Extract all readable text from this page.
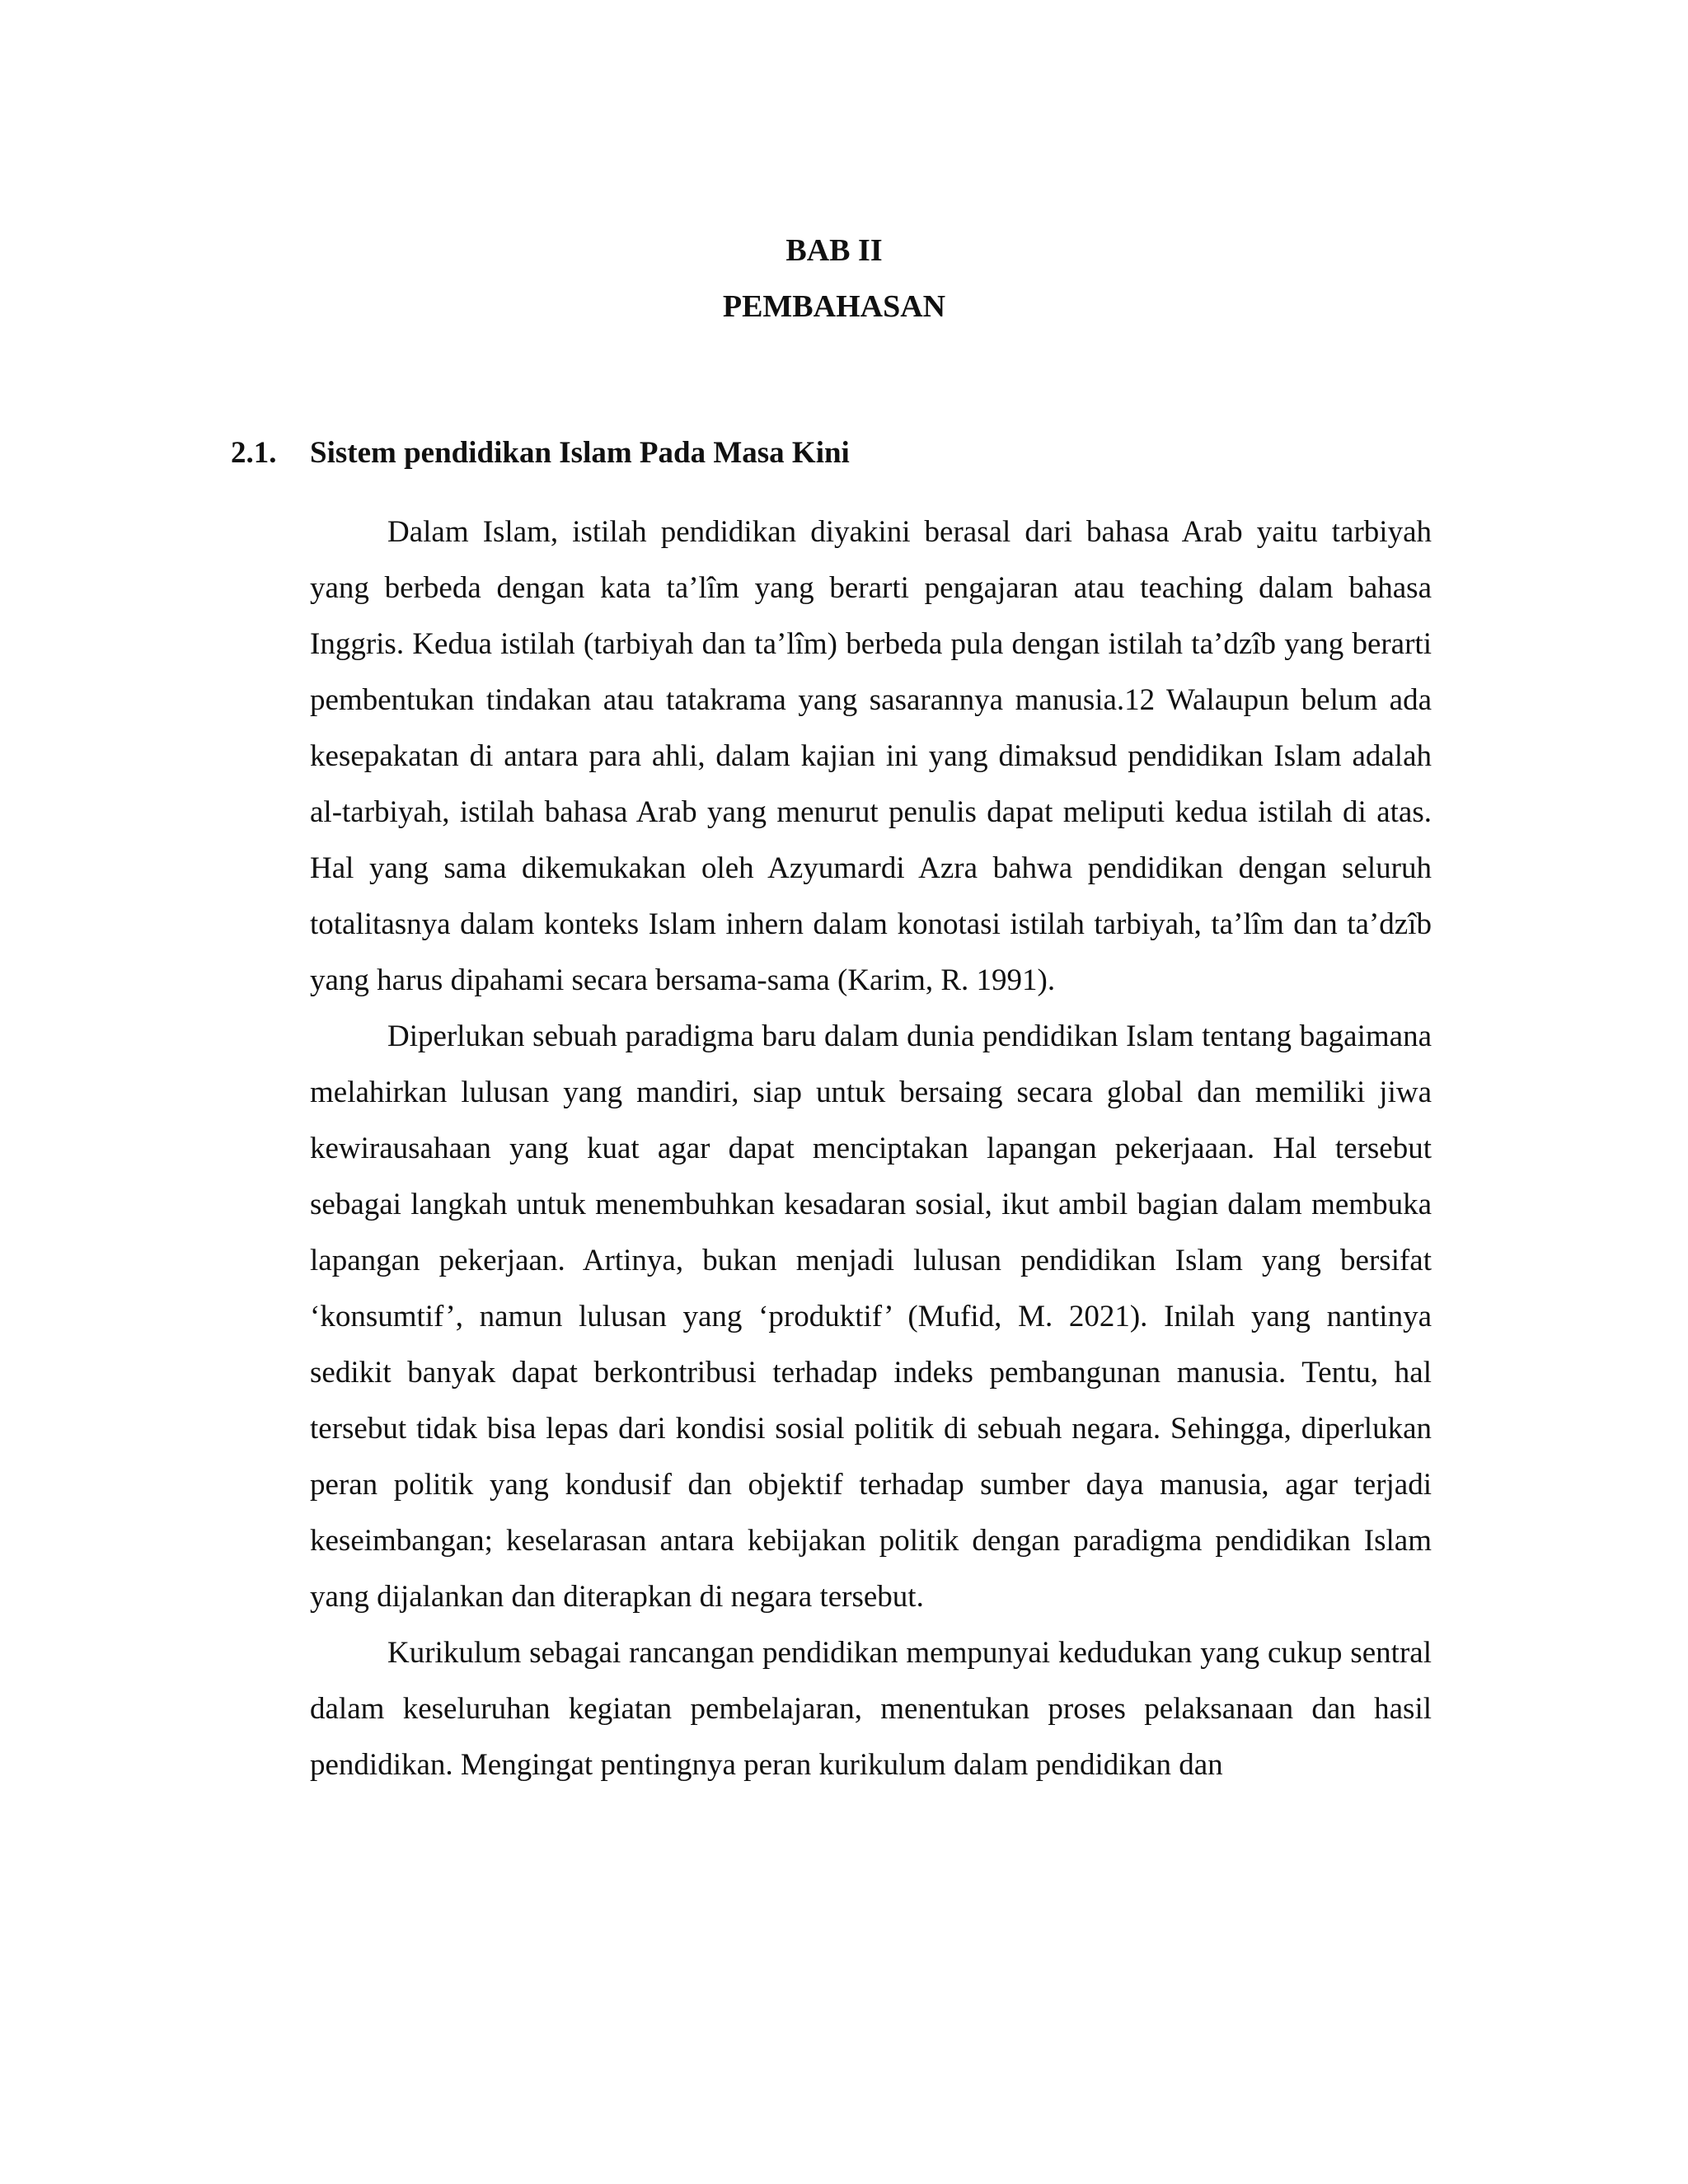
BAB II
PEMBAHASAN
2.1. Sistem pendidikan Islam Pada Masa Kini

Dalam Islam, istilah pendidikan diyakini berasal dari bahasa Arab yaitu tarbiyah yang berbeda dengan kata ta’lîm yang berarti pengajaran atau teaching dalam bahasa Inggris. Kedua istilah (tarbiyah dan ta’lîm) berbeda pula dengan istilah ta’dzîb yang berarti pembentukan tindakan atau tatakrama yang sasarannya manusia.12 Walaupun belum ada kesepakatan di antara para ahli, dalam kajian ini yang dimaksud pendidikan Islam adalah al-tarbiyah, istilah bahasa Arab yang menurut penulis dapat meliputi kedua istilah di atas. Hal yang sama dikemukakan oleh Azyumardi Azra bahwa pendidikan dengan seluruh totalitasnya dalam konteks Islam inhern dalam konotasi istilah tarbiyah, ta’lîm dan ta’dzîb yang harus dipahami secara bersama-sama (Karim, R. 1991).

Diperlukan sebuah paradigma baru dalam dunia pendidikan Islam tentang bagaimana melahirkan lulusan yang mandiri, siap untuk bersaing secara global dan memiliki jiwa kewirausahaan yang kuat agar dapat menciptakan lapangan pekerjaaan. Hal tersebut sebagai langkah untuk menembuhkan kesadaran sosial, ikut ambil bagian dalam membuka lapangan pekerjaan. Artinya, bukan menjadi lulusan pendidikan Islam yang bersifat ‘konsumtif’, namun lulusan yang ‘produktif’ (Mufid, M. 2021). Inilah yang nantinya sedikit banyak dapat berkontribusi terhadap indeks pembangunan manusia. Tentu, hal tersebut tidak bisa lepas dari kondisi sosial politik di sebuah negara. Sehingga, diperlukan peran politik yang kondusif dan objektif terhadap sumber daya manusia, agar terjadi keseimbangan; keselarasan antara kebijakan politik dengan paradigma pendidikan Islam yang dijalankan dan diterapkan di negara tersebut.

Kurikulum sebagai rancangan pendidikan mempunyai kedudukan yang cukup sentral dalam keseluruhan kegiatan pembelajaran, menentukan proses pelaksanaan dan hasil pendidikan. Mengingat pentingnya peran kurikulum dalam pendidikan dan
